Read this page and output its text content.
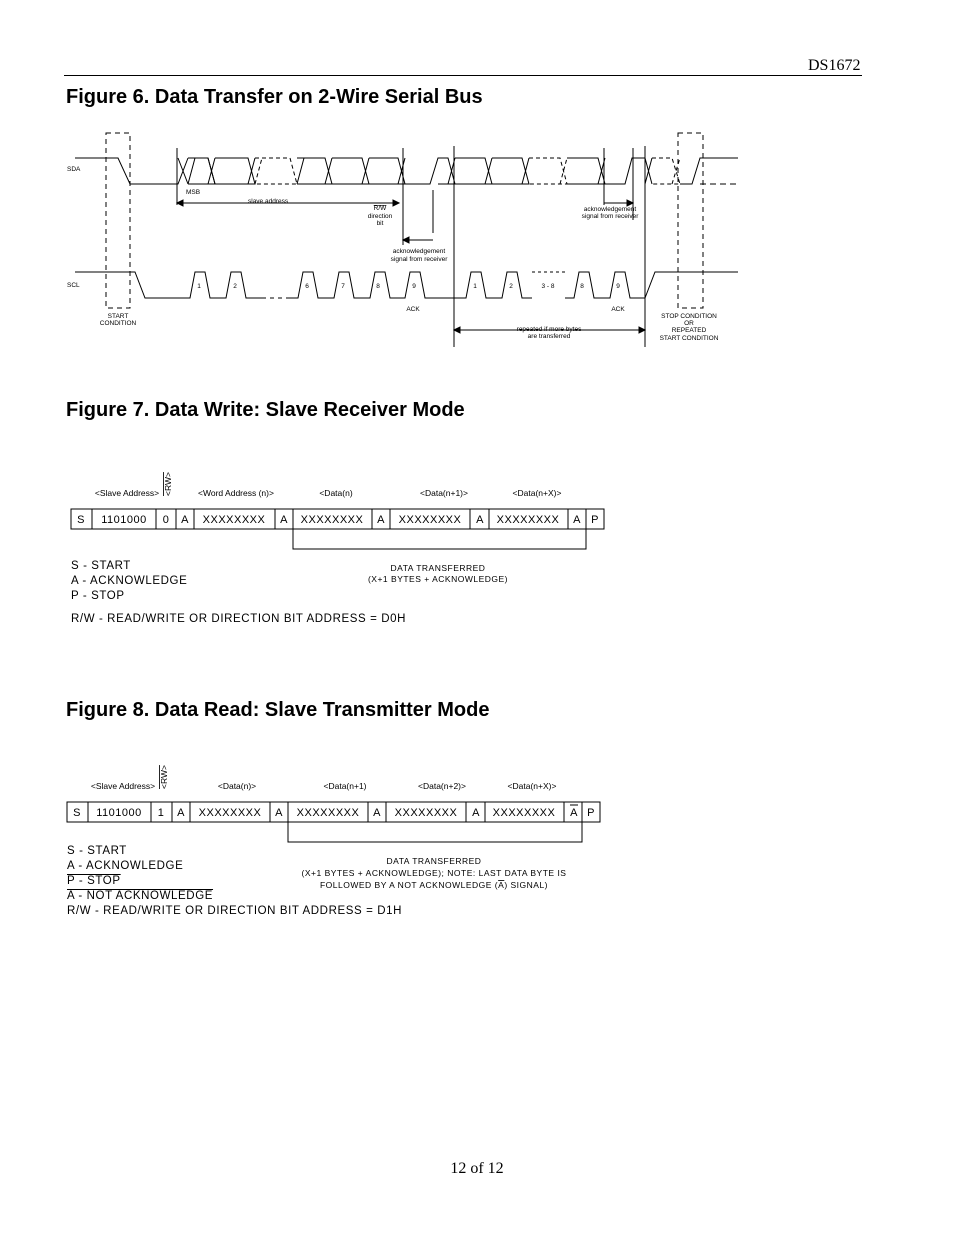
DS1672
Figure 6. Data Transfer on 2-Wire Serial Bus
SDA
SCL
MSB
slave address
R/W
direction
bit
acknowledgement
signal from receiver
acknowledgement
signal from receiver
1	2	6	7	8	9	1	2	3 - 8	8	9
ACK	ACK
START
CONDITION
repeated if more bytes
are transferred
STOP CONDITION
OR
REPEATED
START CONDITION
S 1101000 0 A XXXXXXXX A XXXXXXXX A XXXXXXXX A XXXXXXXX A P
<Slave Address> <RW>	<Word Address (n)>	<Data(n)	<Data(n+1)>	<Data(n+X)>
DATA TRANSFERRED
(X+1 BYTES + ACKNOWLEDGE)
S 1101000 1 A XXXXXXXX A XXXXXXXX A XXXXXXXX A XXXXXXXX A P
<Slave Address> <RW>	<Data(n)>	<Data(n+1)	<Data(n+2)>	<Data(n+X)>
DATA TRANSFERRED
(X+1 BYTES + ACKNOWLEDGE); NOTE: LAST DATA BYTE IS
FOLLOWED BY A NOT ACKNOWLEDGE (A) SIGNAL)
Figure 7. Data Write: Slave Receiver Mode
S - START
A - ACKNOWLEDGE
P - STOP
R/W - READ/WRITE OR DIRECTION BIT ADDRESS = D0H
Figure 8. Data Read: Slave Transmitter Mode
S - START
A - ACKNOWLEDGE
P - STOP
A - NOT ACKNOWLEDGE
R/W - READ/WRITE OR DIRECTION BIT ADDRESS = D1H
12 of 12
